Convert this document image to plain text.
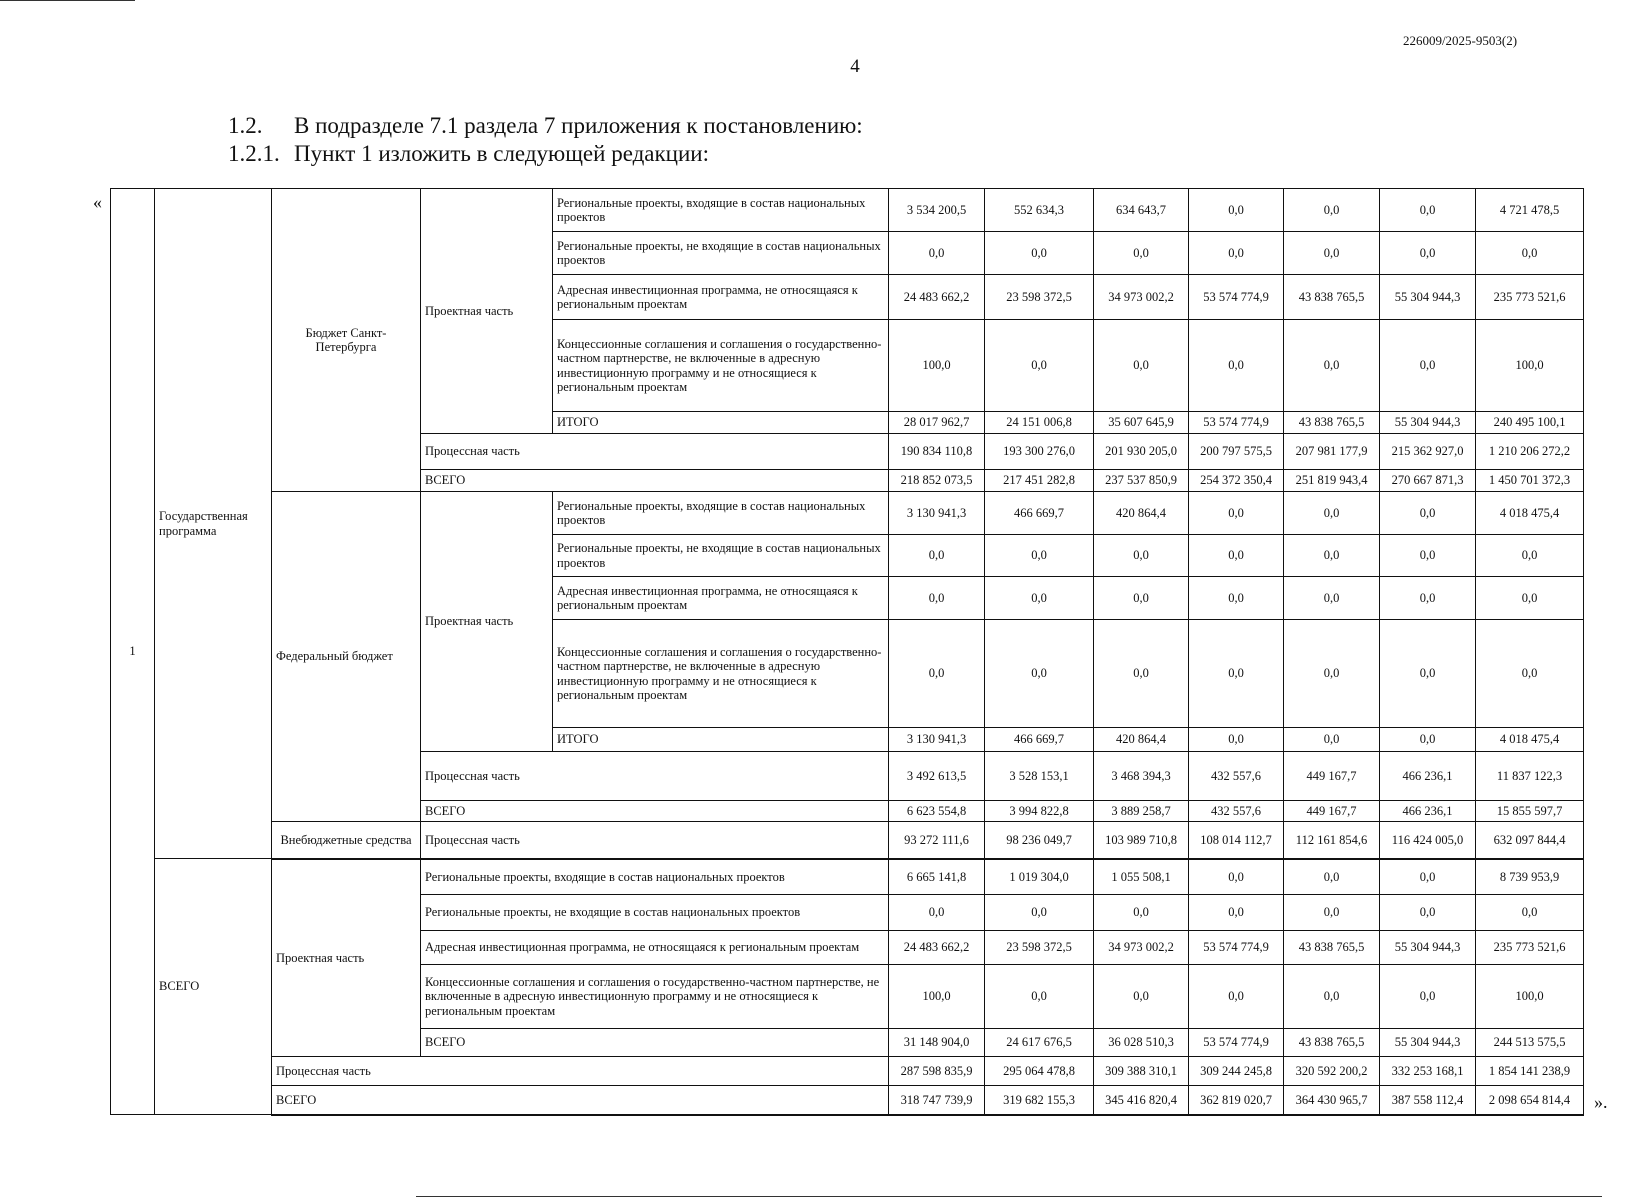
226009/2025-9503(2)
4
1.2. В подразделе 7.1 раздела 7 приложения к постановлению:
1.2.1. Пункт 1 изложить в следующей редакции:
«
1	Государственная программа	Бюджет Санкт-Петербурга	Проектная часть	Региональные проекты, входящие в состав национальных проектов	3 534 200,5	552 634,3	634 643,7	0,0	0,0	0,0	4 721 478,5
				Региональные проекты, не входящие в состав национальных проектов	0,0	0,0	0,0	0,0	0,0	0,0	0,0
				Адресная инвестиционная программа, не относящаяся к региональным проектам	24 483 662,2	23 598 372,5	34 973 002,2	53 574 774,9	43 838 765,5	55 304 944,3	235 773 521,6
				Концессионные соглашения и соглашения о государственно-частном партнерстве, не включенные в адресную инвестиционную программу и не относящиеся к региональным проектам	100,0	0,0	0,0	0,0	0,0	0,0	100,0
				ИТОГО	28 017 962,7	24 151 006,8	35 607 645,9	53 574 774,9	43 838 765,5	55 304 944,3	240 495 100,1
			Процессная часть		190 834 110,8	193 300 276,0	201 930 205,0	200 797 575,5	207 981 177,9	215 362 927,0	1 210 206 272,2
			ВСЕГО		218 852 073,5	217 451 282,8	237 537 850,9	254 372 350,4	251 819 943,4	270 667 871,3	1 450 701 372,3
		Федеральный бюджет	Проектная часть	Региональные проекты, входящие в состав национальных проектов	3 130 941,3	466 669,7	420 864,4	0,0	0,0	0,0	4 018 475,4
				Региональные проекты, не входящие в состав национальных проектов	0,0	0,0	0,0	0,0	0,0	0,0	0,0
				Адресная инвестиционная программа, не относящаяся к региональным проектам	0,0	0,0	0,0	0,0	0,0	0,0	0,0
				Концессионные соглашения и соглашения о государственно-частном партнерстве, не включенные в адресную инвестиционную программу и не относящиеся к региональным проектам	0,0	0,0	0,0	0,0	0,0	0,0	0,0
				ИТОГО	3 130 941,3	466 669,7	420 864,4	0,0	0,0	0,0	4 018 475,4
			Процессная часть		3 492 613,5	3 528 153,1	3 468 394,3	432 557,6	449 167,7	466 236,1	11 837 122,3
			ВСЕГО		6 623 554,8	3 994 822,8	3 889 258,7	432 557,6	449 167,7	466 236,1	15 855 597,7
		Внебюджетные средства	Процессная часть		93 272 111,6	98 236 049,7	103 989 710,8	108 014 112,7	112 161 854,6	116 424 005,0	632 097 844,4
	ВСЕГО	Проектная часть	Региональные проекты, входящие в состав национальных проектов		6 665 141,8	1 019 304,0	1 055 508,1	0,0	0,0	0,0	8 739 953,9
			Региональные проекты, не входящие в состав национальных проектов		0,0	0,0	0,0	0,0	0,0	0,0	0,0
			Адресная инвестиционная программа, не относящаяся к региональным проектам		24 483 662,2	23 598 372,5	34 973 002,2	53 574 774,9	43 838 765,5	55 304 944,3	235 773 521,6
			Концессионные соглашения и соглашения о государственно-частном партнерстве, не включенные в адресную инвестиционную программу и не относящиеся к региональным проектам		100,0	0,0	0,0	0,0	0,0	0,0	100,0
			ВСЕГО		31 148 904,0	24 617 676,5	36 028 510,3	53 574 774,9	43 838 765,5	55 304 944,3	244 513 575,5
		Процессная часть			287 598 835,9	295 064 478,8	309 388 310,1	309 244 245,8	320 592 200,2	332 253 168,1	1 854 141 238,9
		ВСЕГО			318 747 739,9	319 682 155,3	345 416 820,4	362 819 020,7	364 430 965,7	387 558 112,4	2 098 654 814,4 ».
